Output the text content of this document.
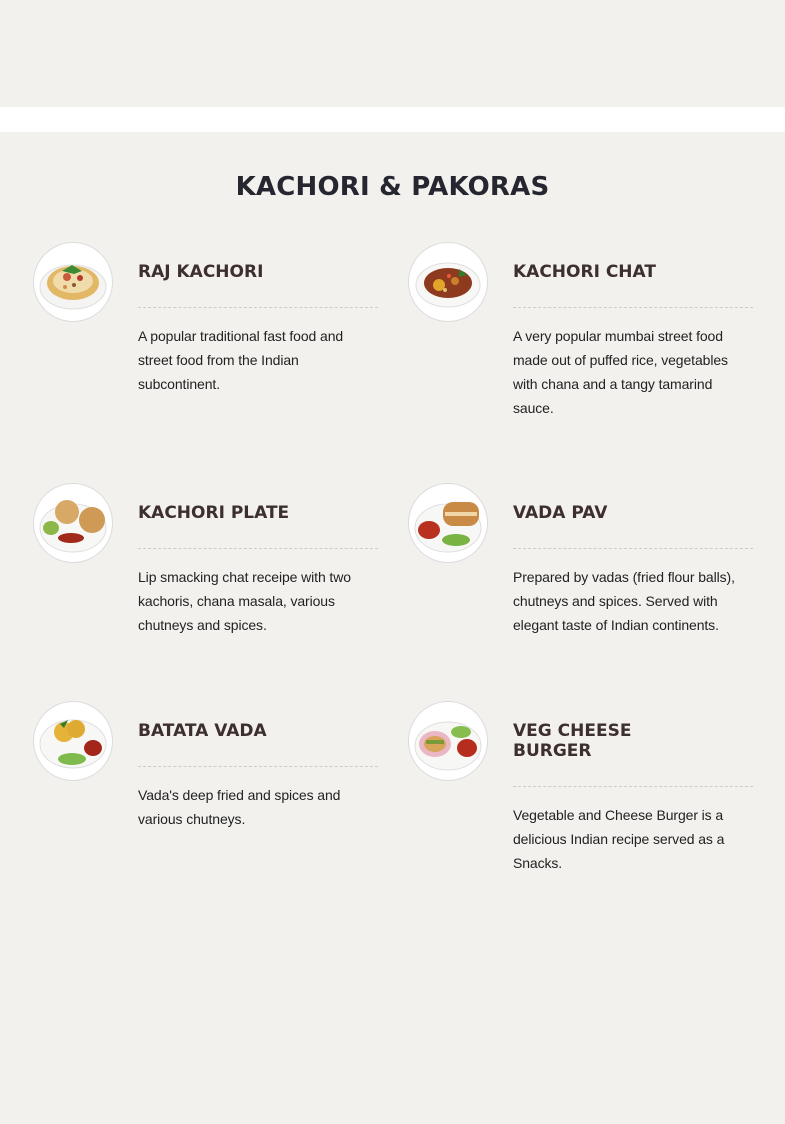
KACHORI & PAKORAS
RAJ KACHORI

A popular traditional fast food and street food from the Indian subcontinent.

KACHORI CHAT

A very popular mumbai street food made out of puffed rice, vegetables with chana and a tangy tamarind sauce.

KACHORI PLATE

Lip smacking chat receipe with two kachoris, chana masala, various chutneys and spices.

VADA PAV

Prepared by vadas (fried flour balls), chutneys and spices. Served with elegant taste of Indian continents.

BATATA VADA

Vada's deep fried and spices and various chutneys.

VEG CHEESE BURGER

Vegetable and Cheese Burger is a delicious Indian recipe served as a Snacks.
